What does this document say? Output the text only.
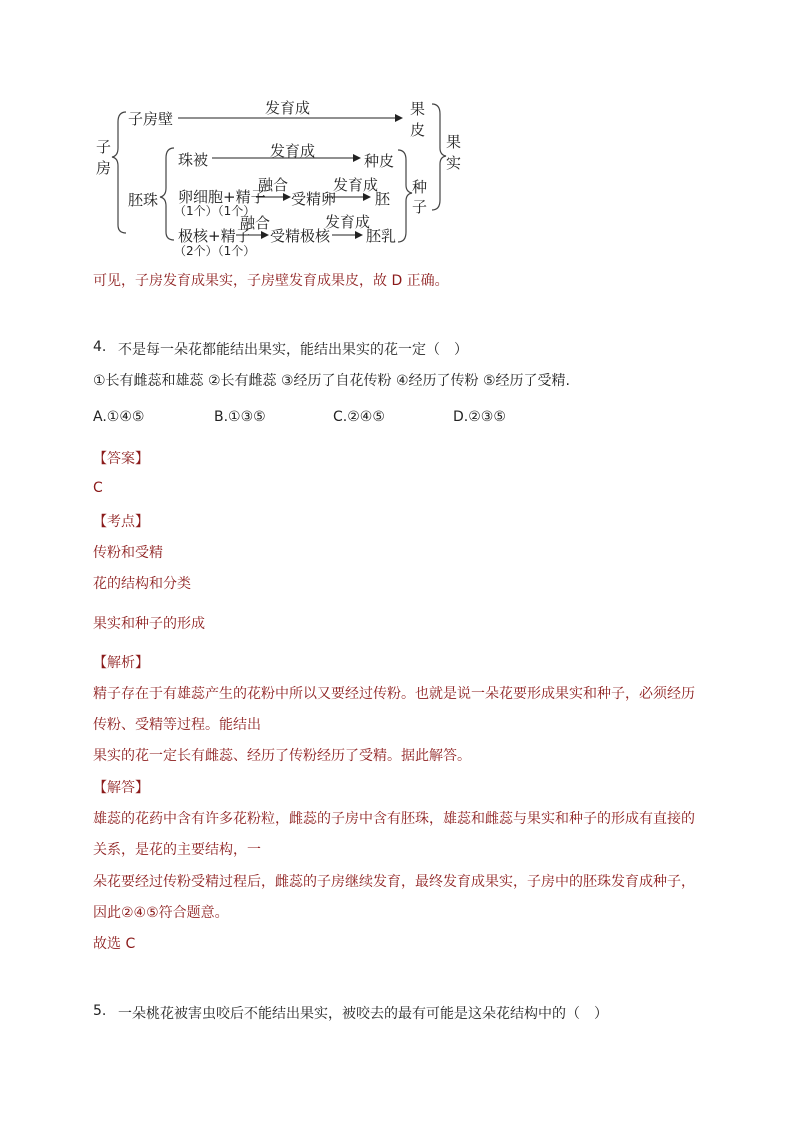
子
房
子房壁
发育成	果
皮
果
实
珠被	发育成
种皮
胚珠 卵细胞+精子
（1个）（1个）
融合
受精卵
发育成
胚
种
子
极核+精子
（2个）（1个）
融合
受精极核
发育成
胚乳
可见，子房发育成果实，子房壁发育成果皮，故 D 正确。
4. 不是每一朵花都能结出果实，能结出果实的花一定（　）
①长有雌蕊和雄蕊 ②长有雌蕊 ③经历了自花传粉 ④经历了传粉 ⑤经历了受精.
A.①④⑤	B.①③⑤	C.②④⑤	D.②③⑤
【答案】
C
【考点】
传粉和受精
花的结构和分类
果实和种子的形成
【解析】
精子存在于有雄蕊产生的花粉中所以又要经过传粉。也就是说一朵花要形成果实和种子，必须经历
传粉、受精等过程。能结出
果实的花一定长有雌蕊、经历了传粉经历了受精。据此解答。
【解答】
雄蕊的花药中含有许多花粉粒，雌蕊的子房中含有胚珠，雄蕊和雌蕊与果实和种子的形成有直接的
关系，是花的主要结构，一
朵花要经过传粉受精过程后，雌蕊的子房继续发育，最终发育成果实，子房中的胚珠发育成种子，
因此②④⑤符合题意。
故选 C
5. 一朵桃花被害虫咬后不能结出果实，被咬去的最有可能是这朵花结构中的（　）
